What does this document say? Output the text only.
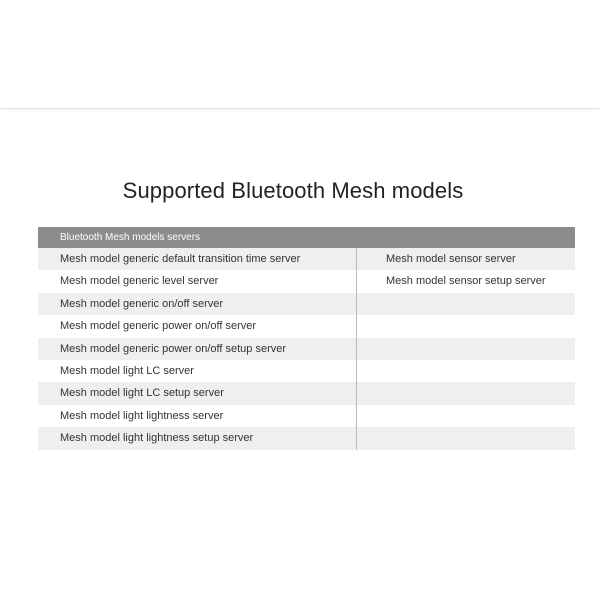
Supported Bluetooth Mesh models
Bluetooth Mesh models servers
Mesh model generic default transition time server	Mesh model sensor server
Mesh model generic level server	Mesh model sensor setup server
Mesh model generic on/off server
Mesh model generic power on/off server
Mesh model generic power on/off setup server
Mesh model light LC server
Mesh model light LC setup server
Mesh model light lightness server
Mesh model light lightness setup server
